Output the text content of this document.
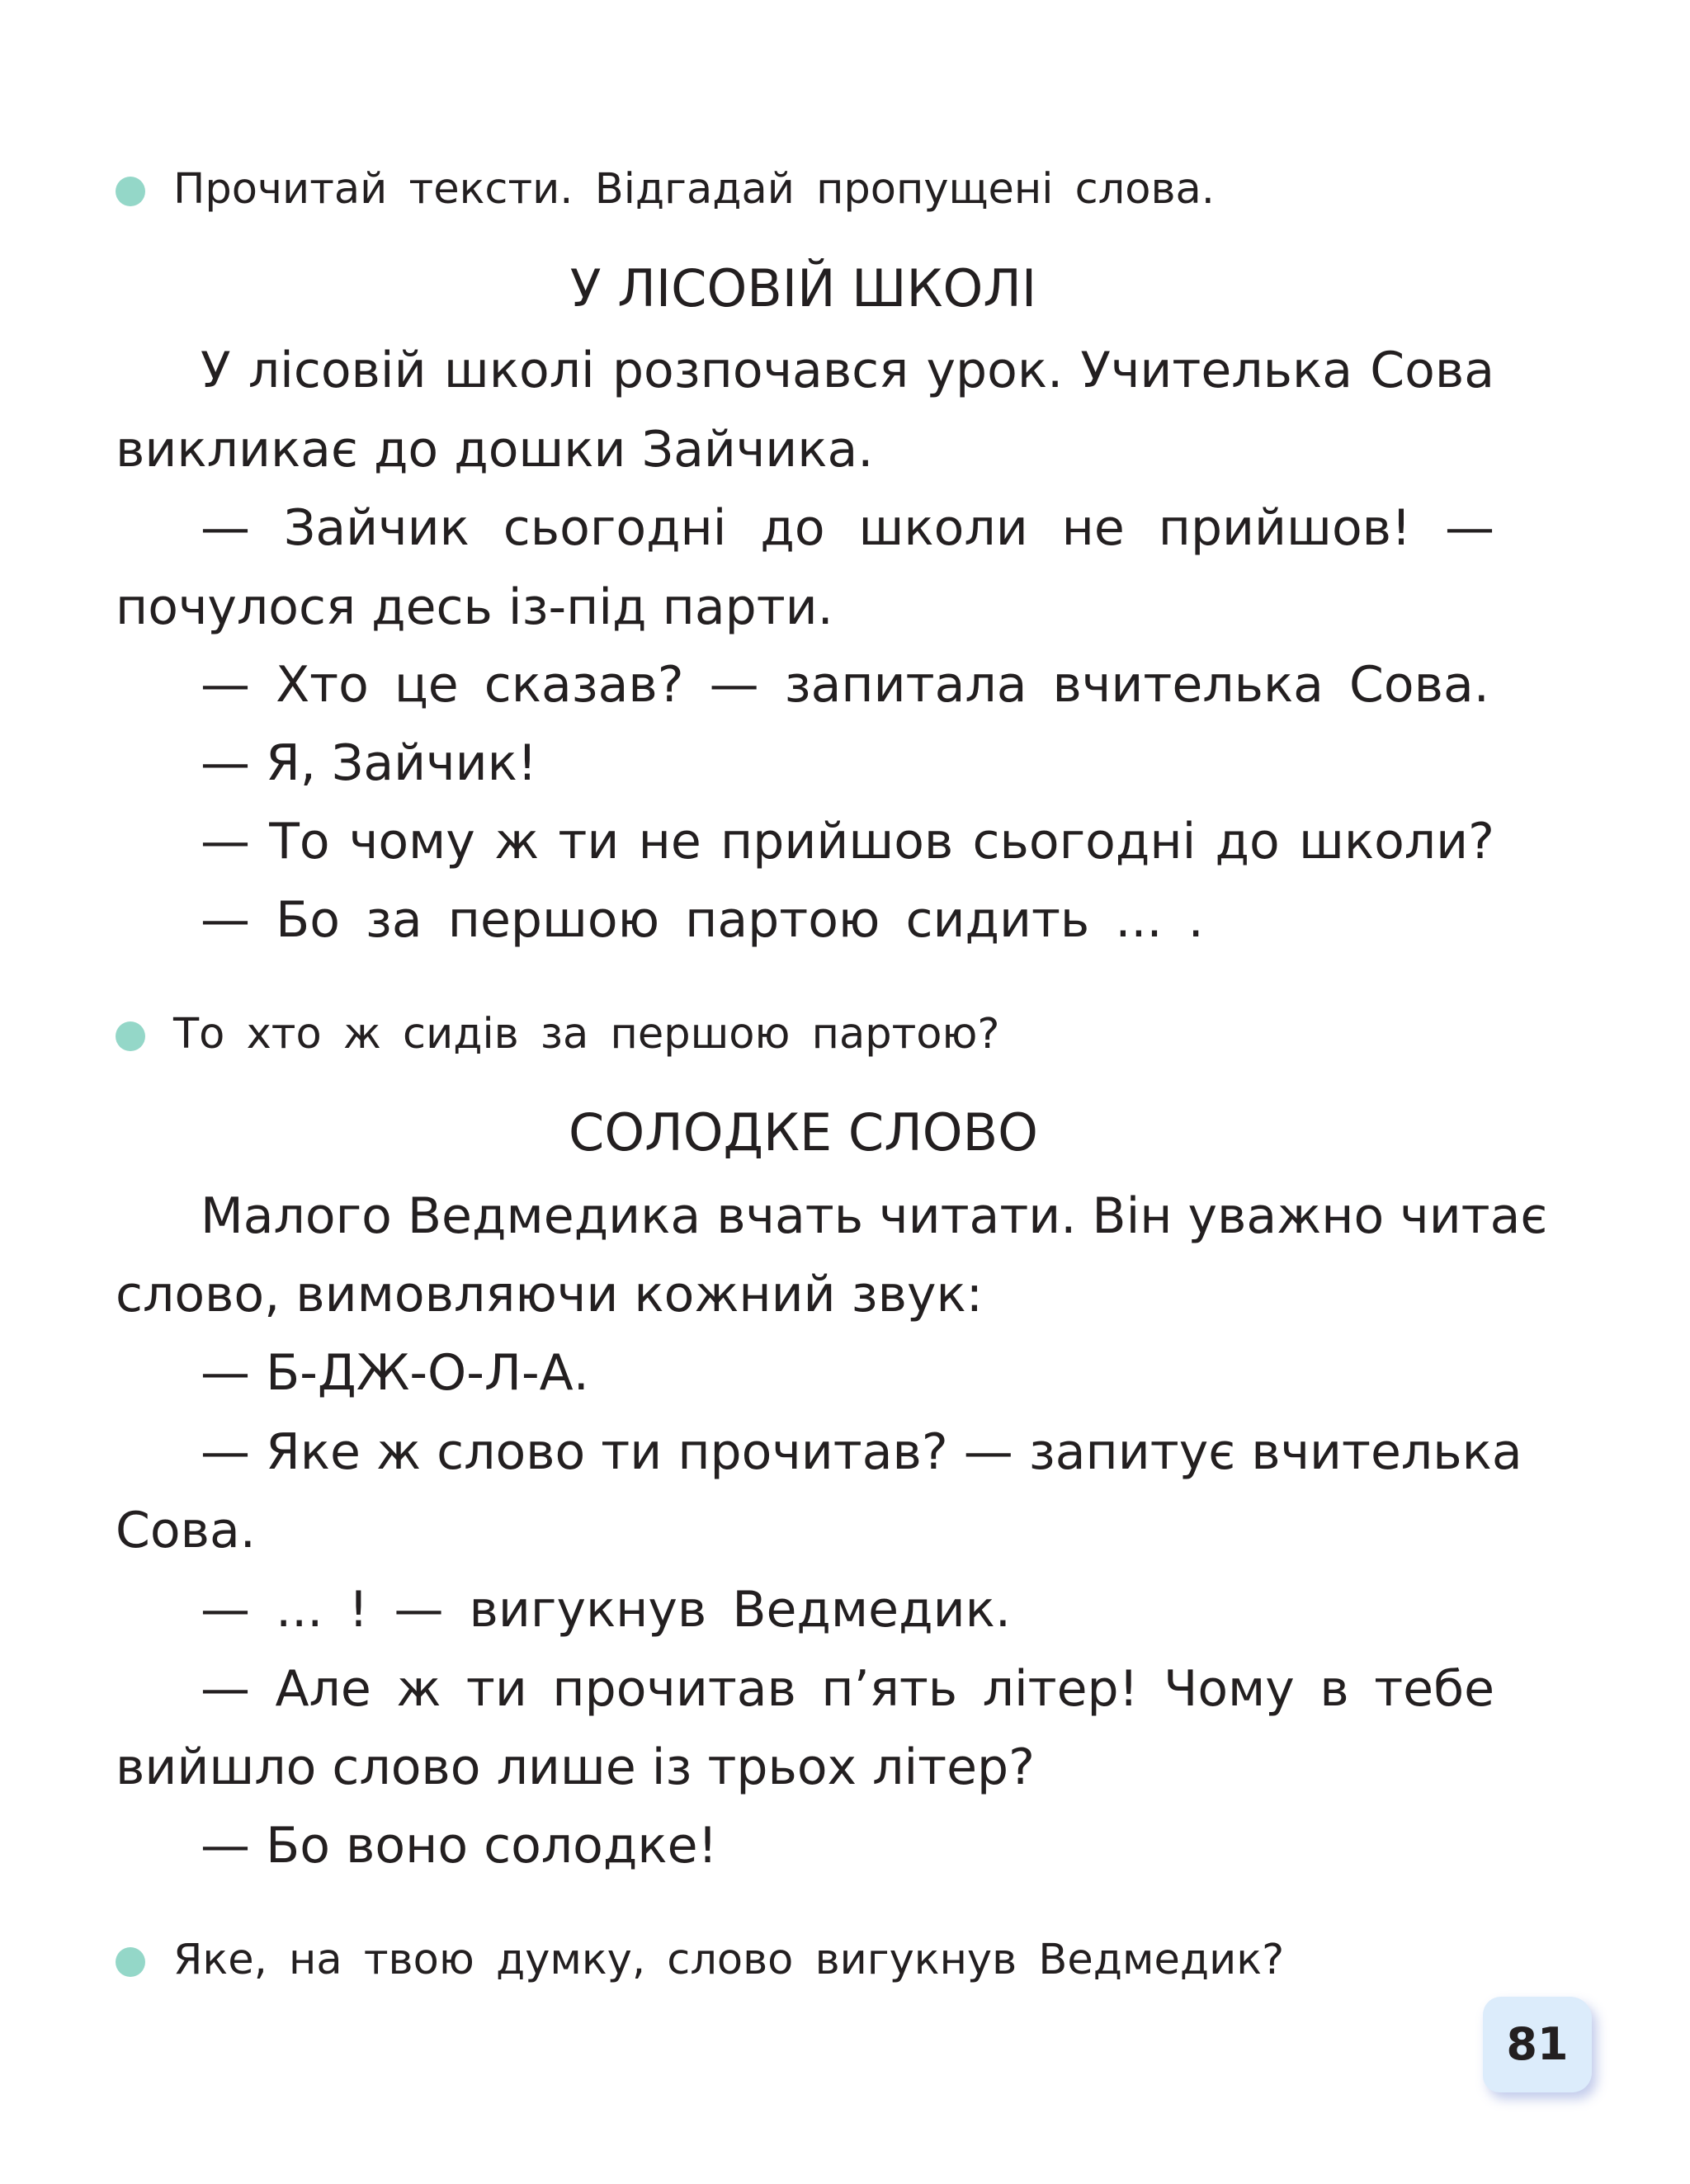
Прочитай тексти. Відгадай пропущені слова.
У ЛІСОВІЙ ШКОЛІ
У лісовій школі розпочався урок. Учителька Сова
викликає до дошки Зайчика.
— Зайчик сьогодні до школи не прийшов! —
почулося десь із-під парти.
— Хто це сказав? — запитала вчителька Сова.
— Я, Зайчик!
— То чому ж ти не прийшов сьогодні до школи?
— Бо за першою партою сидить ... .
То хто ж сидів за першою партою?
СОЛОДКЕ СЛОВО
Малого Ведмедика вчать читати. Він уважно читає
слово, вимовляючи кожний звук:
— Б-ДЖ-О-Л-А.
— Яке ж слово ти прочитав? — запитує вчителька
Сова.
— ... ! — вигукнув Ведмедик.
— Але ж ти прочитав п’ять літер! Чому в тебе
вийшло слово лише із трьох літер?
— Бо воно солодке!
Яке, на твою думку, слово вигукнув Ведмедик?
81
